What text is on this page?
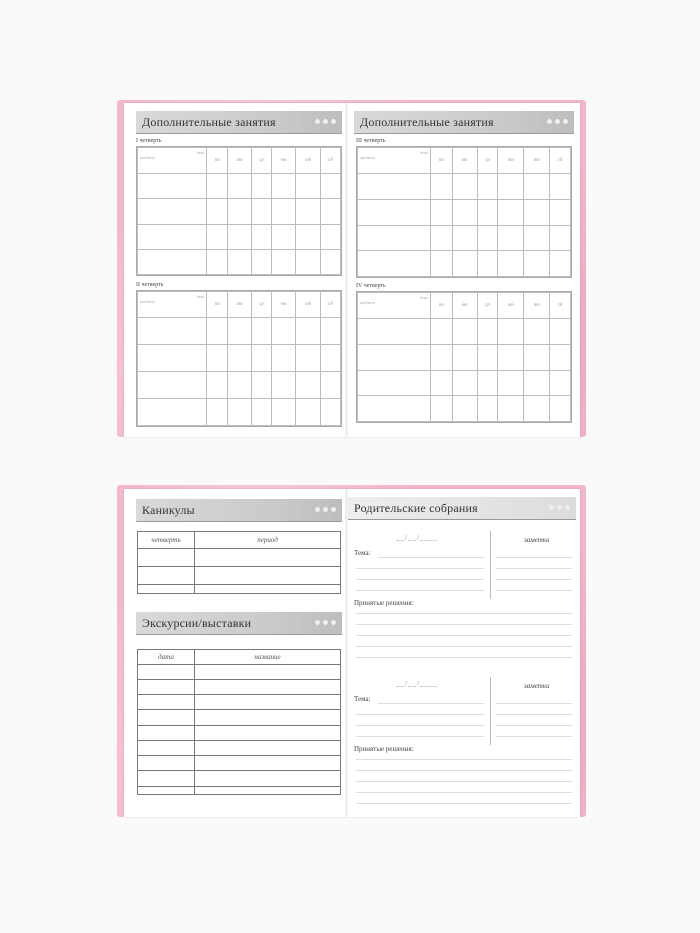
Дополнительные занятия
I четверть
день
предмет	пн	вт	ср	чт	пт	сб

II четверть
день
предмет	пн	вт	ср	чт	пт	сб

Дополнительные занятия
III четверть
день
предмет	пн	вт	ср	чт	пт	сб

IV четверть
день
предмет	пн	вт	ср	чт	пт	сб

Каникулы
четверть	период

Экскурсии/выставки
дата	название

Родительские собрания
__/__/____	заметки
Тема:
Принятые решения:
__/__/____	заметки
Тема:
Принятые решения:
